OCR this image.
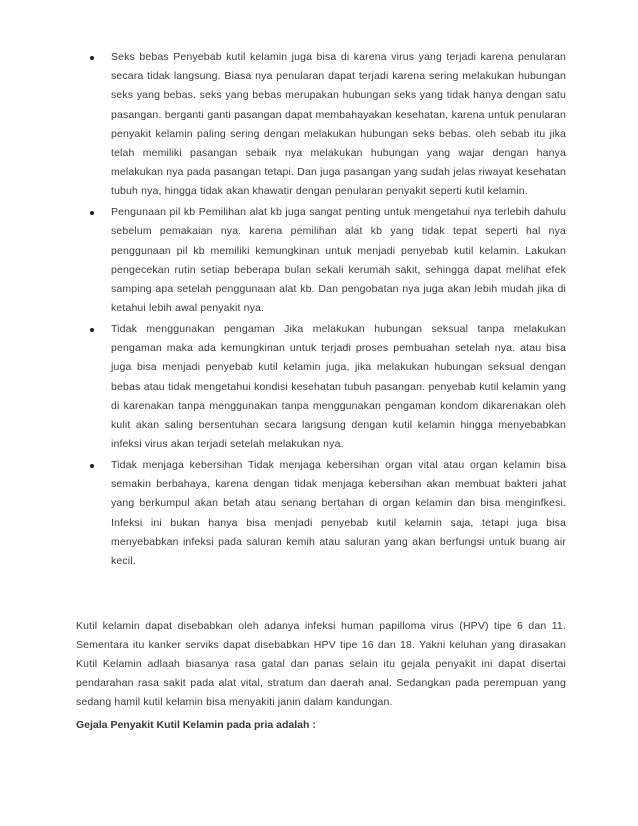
Seks bebas Penyebab kutil kelamin juga bisa di karena virus yang terjadi karena penularan secara tidak langsung. Biasa nya penularan dapat terjadi karena sering melakukan hubungan seks yang bebas. seks yang bebas merupakan hubungan seks yang tidak hanya dengan satu pasangan. berganti ganti pasangan dapat membahayakan kesehatan, karena untuk penularan penyakit kelamin paling sering dengan melakukan hubungan seks bebas. oleh sebab itu jika telah memiliki pasangan sebaik nya melakukan hubungan yang wajar dengan hanya melakukan nya pada pasangan tetapi. Dan juga pasangan yang sudah jelas riwayat kesehatan tubuh nya, hingga tidak akan khawatir dengan penularan penyakit seperti kutil kelamin.
Pengunaan pil kb Pemilihan alat kb juga sangat penting untuk mengetahui nya terlebih dahulu sebelum pemakaian nya. karena pemilihan alat kb yang tidak tepat seperti hal nya penggunaan pil kb memiliki kemungkinan untuk menjadi penyebab kutil kelamin. Lakukan pengecekan rutin setiap beberapa bulan sekali kerumah sakit, sehingga dapat melihat efek samping apa setelah penggunaan alat kb. Dan pengobatan nya juga akan lebih mudah jika di ketahui lebih awal penyakit nya.
Tidak menggunakan pengaman Jika melakukan hubungan seksual tanpa melakukan pengaman maka ada kemungkinan untuk terjadi proses pembuahan setelah nya. atau bisa juga bisa menjadi penyebab kutil kelamin juga, jika melakukan hubungan seksual dengan bebas atau tidak mengetahui kondisi kesehatan tubuh pasangan. penyebab kutil kelamin yang di karenakan tanpa menggunakan tanpa menggunakan pengaman kondom dikarenakan oleh kulit akan saling bersentuhan secara langsung dengan kutil kelamin hingga menyebabkan infeksi virus akan terjadi setelah melakukan nya.
Tidak menjaga kebersihan Tidak menjaga kebersihan organ vital atau organ kelamin bisa semakin berbahaya, karena dengan tidak menjaga kebersihan akan membuat bakteri jahat yang berkumpul akan betah atau senang bertahan di organ kelamin dan bisa menginfkesi. Infeksi ini bukan hanya bisa menjadi penyebab kutil kelamin saja, tetapi juga bisa menyebabkan infeksi pada saluran kemih atau saluran yang akan berfungsi untuk buang air kecil.

Kutil kelamin dapat disebabkan oleh adanya infeksi human papilloma virus (HPV) tipe 6 dan 11. Sementara itu kanker serviks dapat disebabkan HPV tipe 16 dan 18. Yakni keluhan yang dirasakan Kutil Kelamin adlaah biasanya rasa gatal dan panas selain itu gejala penyakit ini dapat disertai pendarahan rasa sakit pada alat vital, stratum dan daerah anal. Sedangkan pada perempuan yang sedang hamil kutil kelamin bisa menyakiti janin dalam kandungan.

Gejala Penyakit Kutil Kelamin pada pria adalah :
